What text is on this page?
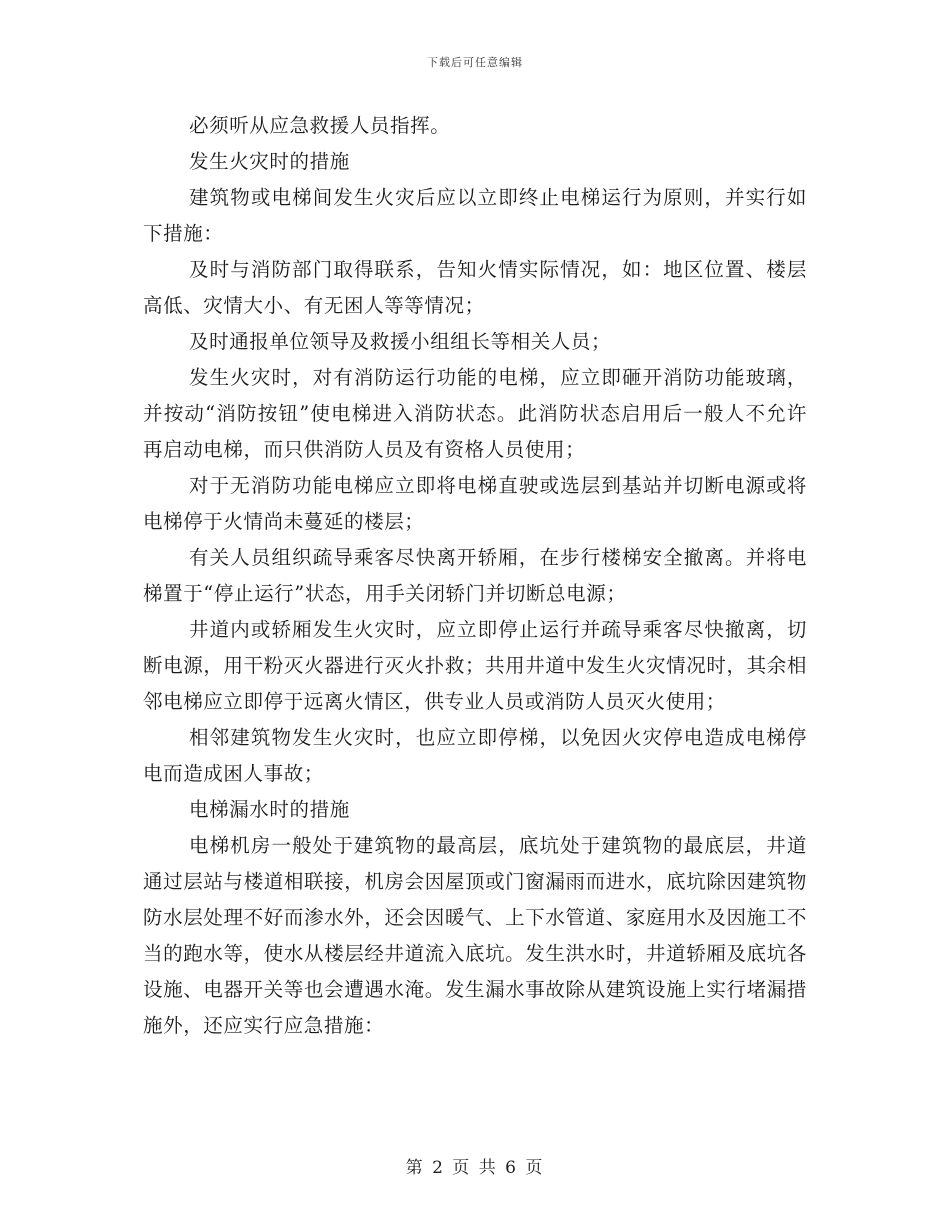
下载后可任意编辑

必须听从应急救援人员指挥。

发生火灾时的措施

建筑物或电梯间发生火灾后应以立即终止电梯运行为原则，并实行如下措施：

及时与消防部门取得联系，告知火情实际情况，如：地区位置、楼层高低、灾情大小、有无困人等等情况；

及时通报单位领导及救援小组组长等相关人员；

发生火灾时，对有消防运行功能的电梯，应立即砸开消防功能玻璃，并按动“消防按钮”使电梯进入消防状态。此消防状态启用后一般人不允许再启动电梯，而只供消防人员及有资格人员使用；

对于无消防功能电梯应立即将电梯直驶或选层到基站并切断电源或将电梯停于火情尚未蔓延的楼层；

有关人员组织疏导乘客尽快离开轿厢，在步行楼梯安全撤离。并将电梯置于“停止运行”状态，用手关闭轿门并切断总电源；

井道内或轿厢发生火灾时，应立即停止运行并疏导乘客尽快撤离，切断电源，用干粉灭火器进行灭火扑救；共用井道中发生火灾情况时，其余相邻电梯应立即停于远离火情区，供专业人员或消防人员灭火使用；

相邻建筑物发生火灾时，也应立即停梯，以免因火灾停电造成电梯停电而造成困人事故；

电梯漏水时的措施

电梯机房一般处于建筑物的最高层，底坑处于建筑物的最底层，井道通过层站与楼道相联接，机房会因屋顶或门窗漏雨而进水，底坑除因建筑物防水层处理不好而渗水外，还会因暖气、上下水管道、家庭用水及因施工不当的跑水等，使水从楼层经井道流入底坑。发生洪水时，井道轿厢及底坑各设施、电器开关等也会遭遇水淹。发生漏水事故除从建筑设施上实行堵漏措施外，还应实行应急措施：

第 2 页 共 6 页
